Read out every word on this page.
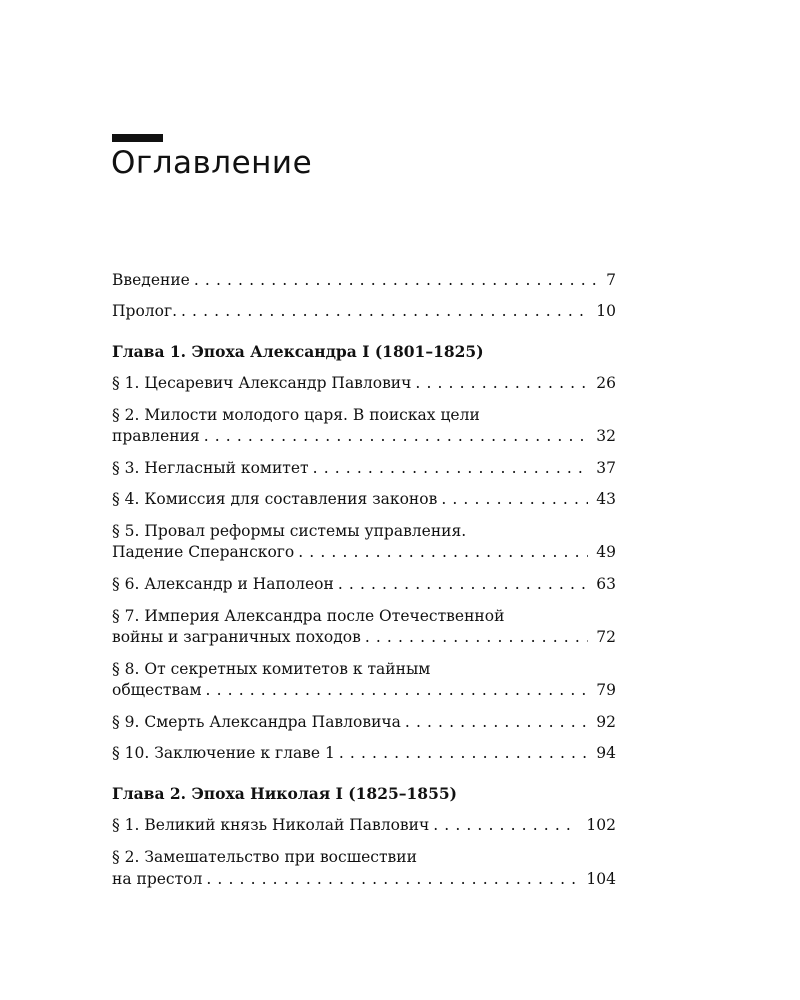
Оглавление
Введение . . .	7
Пролог. . . .	10
Глава 1. Эпоха Александра I (1801–1825)
§ 1. Цесаревич Александр Павлович . . .	26
§ 2. Милости молодого царя. В поисках цели
правления . . .	32
§ 3. Негласный комитет . . .	37
§ 4. Комиссия для составления законов . . .	43
§ 5. Провал реформы системы управления.
Падение Сперанского . . .	49
§ 6. Александр и Наполеон . . .	63
§ 7. Империя Александра после Отечественной
войны и заграничных походов . . .	72
§ 8. От секретных комитетов к тайным
обществам . . .	79
§ 9. Смерть Александра Павловича . . .	92
§ 10. Заключение к главе 1 . . .	94
Глава 2. Эпоха Николая I (1825–1855)
§ 1. Великий князь Николай Павлович . . .	102
§ 2. Замешательство при восшествии
на престол . . .	104
